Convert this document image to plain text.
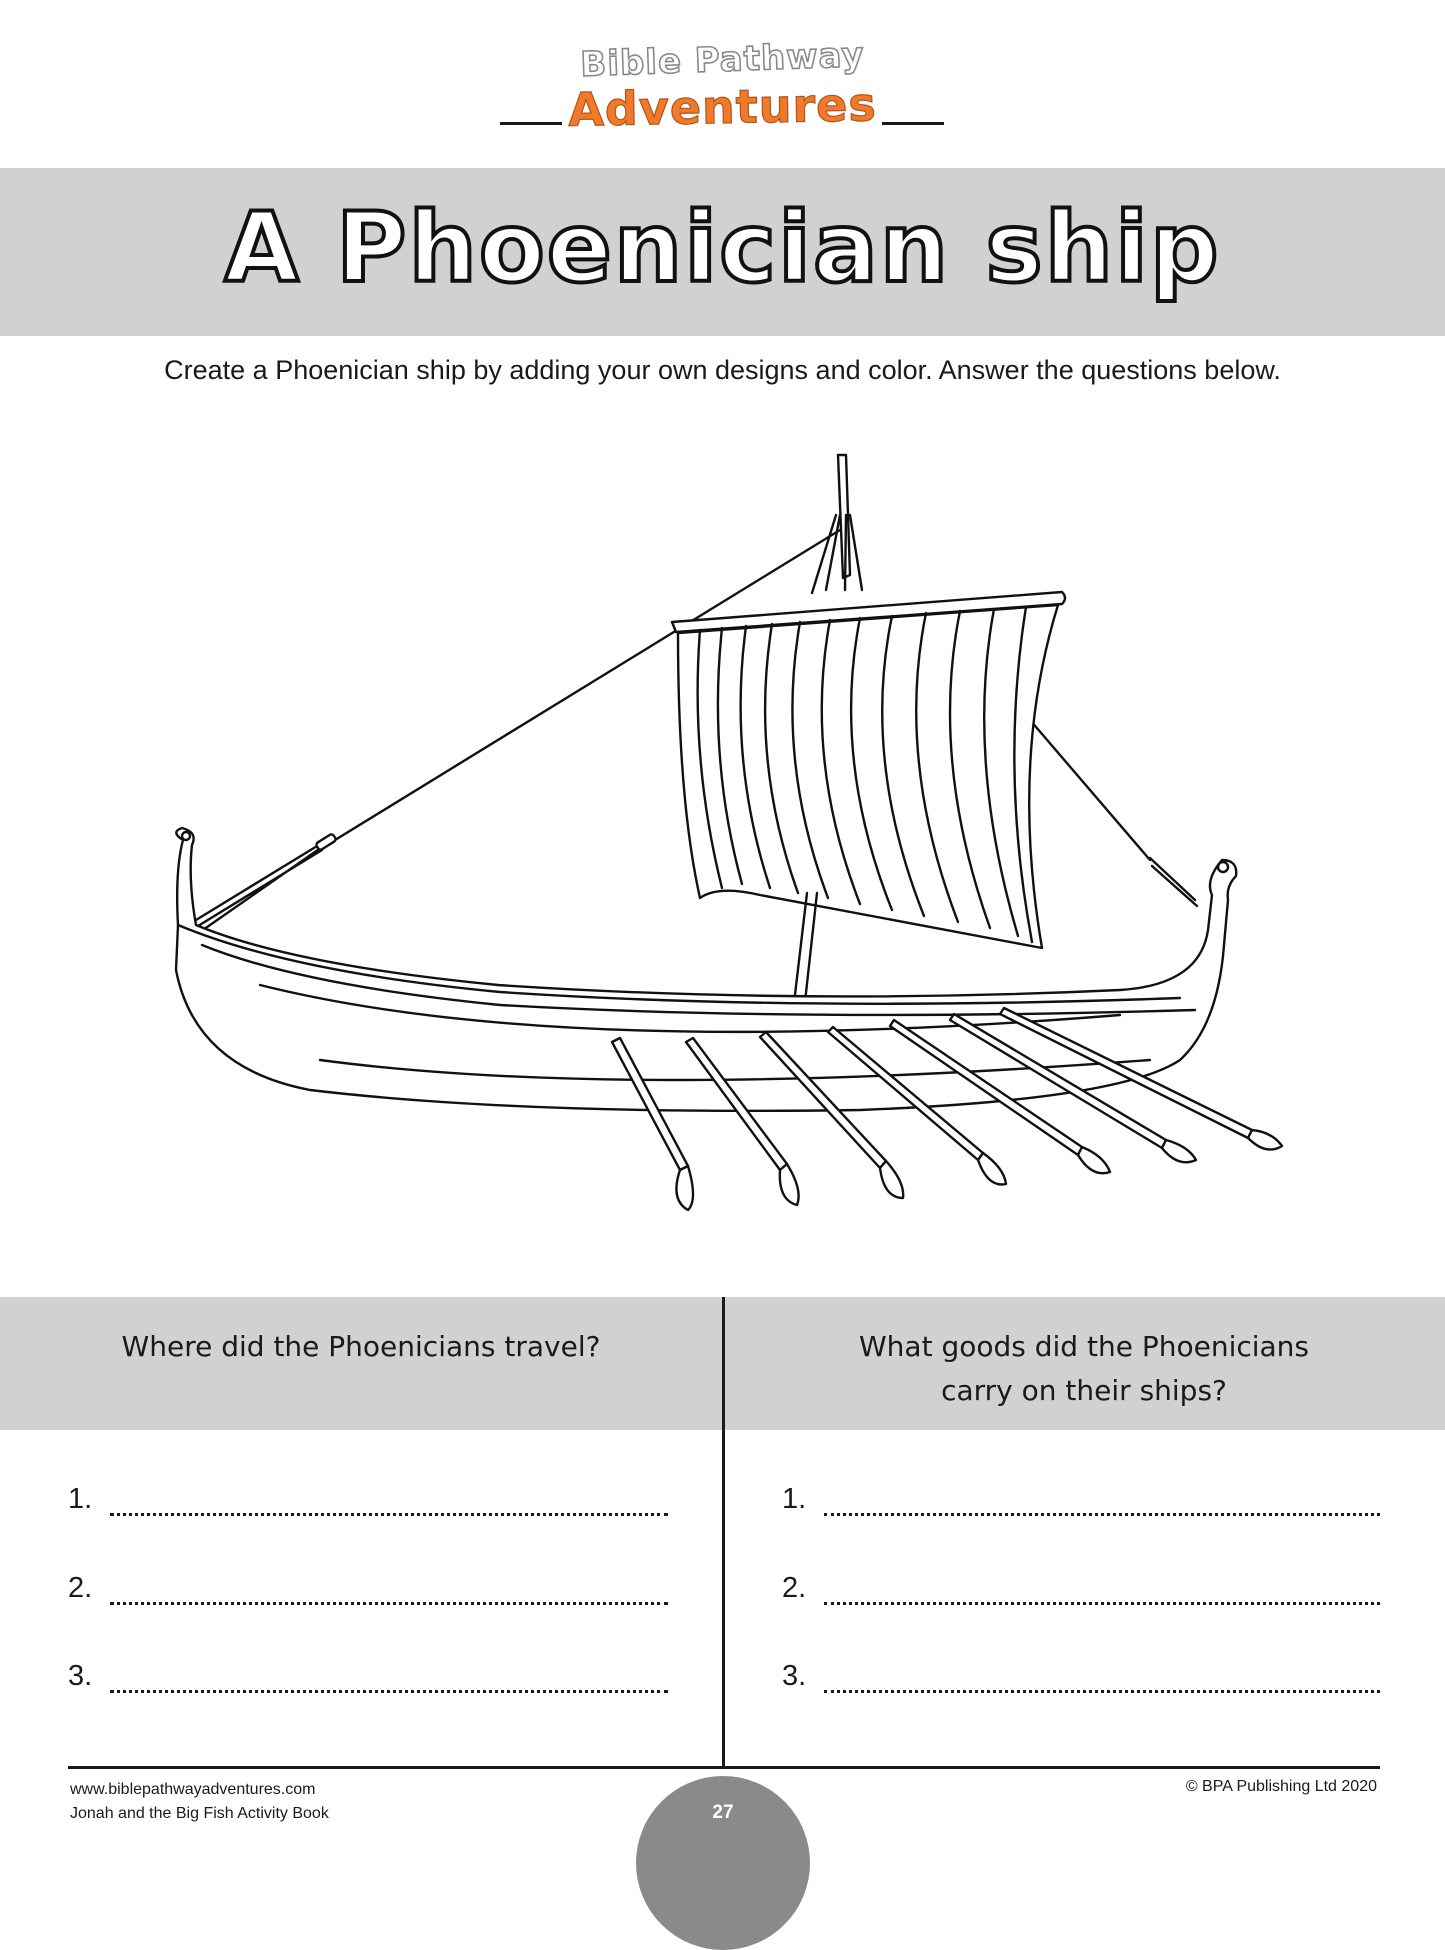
Bible Pathway
Adventures
A Phoenician ship
Create a Phoenician ship by adding your own designs and color. Answer the questions below.
Where did the Phoenicians travel?	What goods did the Phoenicians
carry on their ships?
1.
2.
3.
1.
2.
3.
www.biblepathwayadventures.com
Jonah and the Big Fish Activity Book
© BPA Publishing Ltd 2020
27
